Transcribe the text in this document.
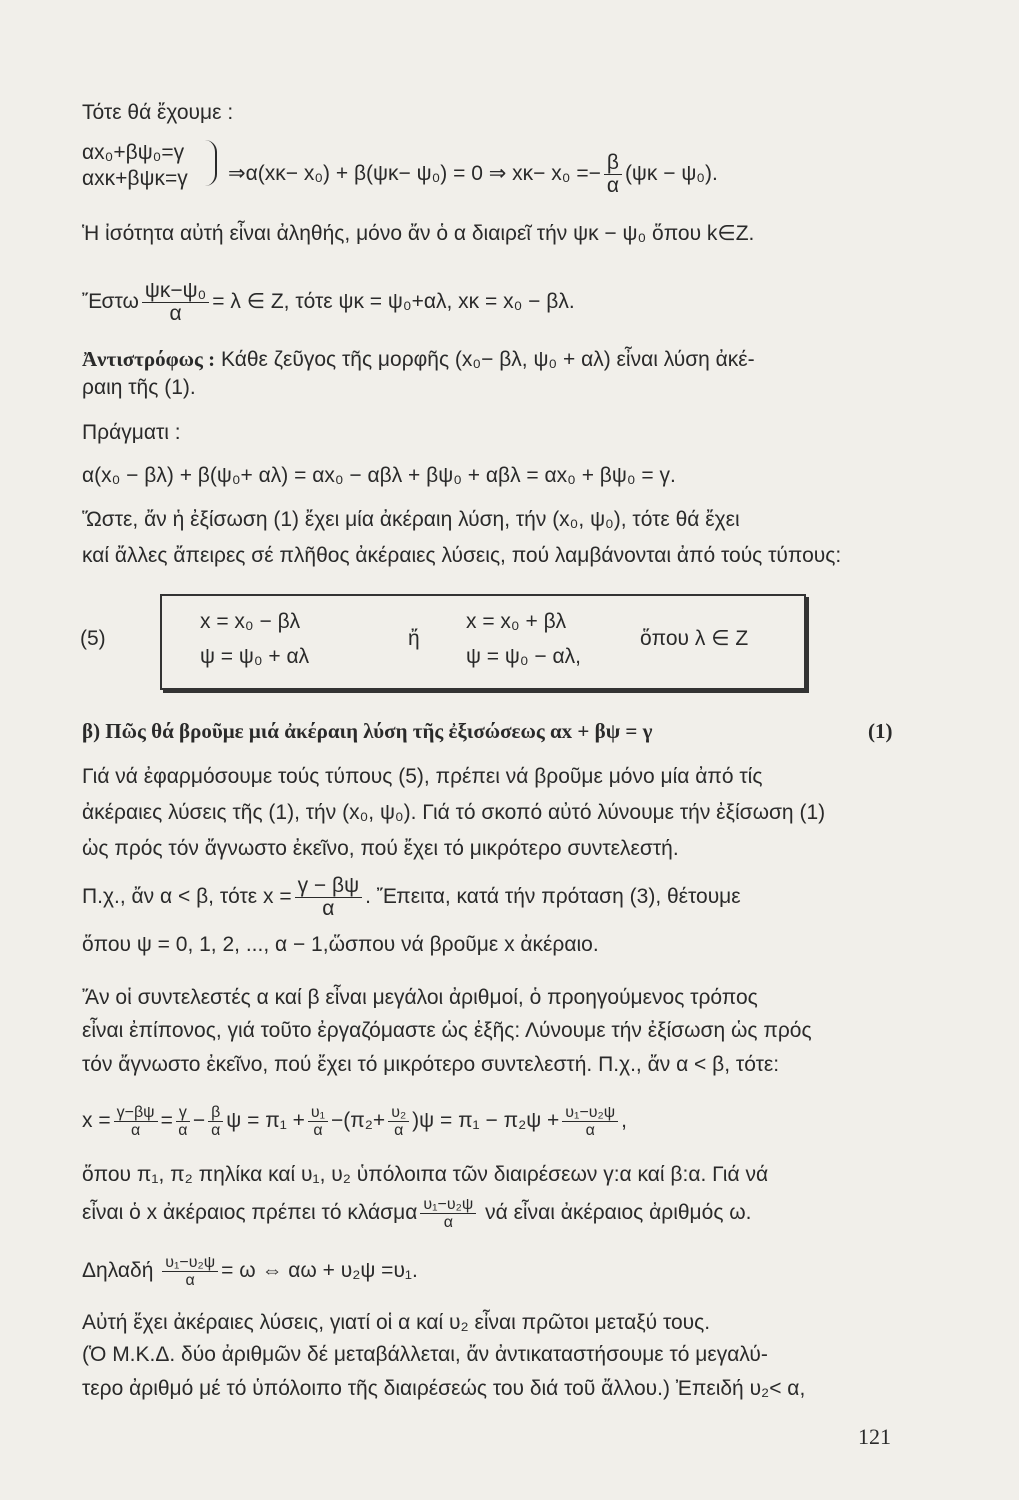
Τότε θά ἔχουμε :
αx₀+βψ₀=γ
αxκ+βψκ=γ ⇒α(xκ− x₀) + β(ψκ− ψ₀) = 0 ⇒ $x\kappa- x_0 =- \frac{\beta}{\alpha} (\psi\kappa - \psi_0)$.
Ἡ ἰσότητα αὐτή εἶναι ἀληθής, μόνο ἄν ὁ α διαιρεῖ τήν ψκ − ψ₀ ὅπου k∈Z.
Ἔστω $\frac{\text{ψκ−ψ₀}}{\alpha} = \lambda$ ∈ Z, τότε ψκ = ψ₀+αλ, xκ = x₀ − βλ.
Ἀντιστρόφως : Κάθε ζεῦγος τῆς μορφῆς (x₀− βλ, ψ₀ + αλ) εἶναι λύση ἀκέ-
ραιη τῆς (1).
Πράγματι :
α(x₀ − βλ) + β(ψ₀+ αλ) = αx₀ − αβλ + βψ₀ + αβλ = αx₀ + βψ₀ = γ.
Ὥστε, ἄν ἡ ἐξίσωση (1) ἔχει μία ἀκέραιη λύση, τήν (x₀, ψ₀), τότε θά ἔχει
καί ἄλλες ἄπειρες σέ πλῆθος ἀκέραιες λύσεις, πού λαμβάνονται ἀπό τούς τύπους:
(5)
x = x₀ − βλ
ψ = ψ₀ + αλ
ἤ
x = x₀ + βλ
ψ = ψ₀ − αλ,
ὅπου λ ∈ Z
β) Πῶς θά βροῦμε μιά ἀκέραιη λύση τῆς ἐξισώσεως αx + βψ = γ	(1)
Γιά νά ἐφαρμόσουμε τούς τύπους (5), πρέπει νά βροῦμε μόνο μία ἀπό τίς
ἀκέραιες λύσεις τῆς (1), τήν (x₀, ψ₀). Γιά τό σκοπό αὐτό λύνουμε τήν ἐξίσωση (1)
ὡς πρός τόν ἄγνωστο ἐκεῖνο, πού ἔχει τό μικρότερο συντελεστή.
Π.χ., ἄν α < β, τότε $x = \frac{\gamma - \beta\psi}{\alpha}$ . Ἔπειτα, κατά τήν πρόταση (3), θέτουμε
ὅπου ψ = 0, 1, 2, ..., α − 1,ὥσπου νά βροῦμε x ἀκέραιο.
Ἄν οἱ συντελεστές α καί β εἶναι μεγάλοι ἀριθμοί, ὁ προηγούμενος τρόπος
εἶναι ἐπίπονος, γιά τοῦτο ἐργαζόμαστε ὡς ἑξῆς: Λύνουμε τήν ἐξίσωση ὡς πρός
τόν ἄγνωστο ἐκεῖνο, πού ἔχει τό μικρότερο συντελεστή. Π.χ., ἄν α < β, τότε:
$x = \frac{\gamma-\beta\psi}{\alpha} = \frac{\gamma}{\alpha} - \frac{\beta}{\alpha}$ $\psi = \pi_1 + \frac{\text{υ₁}}{\alpha} -(\pi_2+ \frac{\text{υ₂}}{\alpha} )\psi = \pi_1 - \pi_2\psi + \frac{\text{υ₁−υ₂ψ}}{\alpha}$ ,
ὅπου π₁, π₂ πηλίκα καί υ₁, υ₂ ὑπόλοιπα τῶν διαιρέσεων γ:α καί β:α. Γιά νά
εἶναι ὁ x ἀκέραιος πρέπει τό κλάσμα $\frac{\text{υ₁−υ₂ψ}}{\alpha}$ νά εἶναι ἀκέραιος ἀριθμός ω.
Δηλαδή $\frac{\text{υ₁−υ₂ψ}}{\alpha} = \omega$ ⇔ αω + υ₂ψ =υ₁.
Αὐτή ἔχει ἀκέραιες λύσεις, γιατί οἱ α καί υ₂ εἶναι πρῶτοι μεταξύ τους.
(Ὁ Μ.Κ.Δ. δύο ἀριθμῶν δέ μεταβάλλεται, ἄν ἀντικαταστήσουμε τό μεγαλύ-
τερο ἀριθμό μέ τό ὑπόλοιπο τῆς διαιρέσεώς του διά τοῦ ἄλλου.) Ἐπειδή υ₂< α,
121
